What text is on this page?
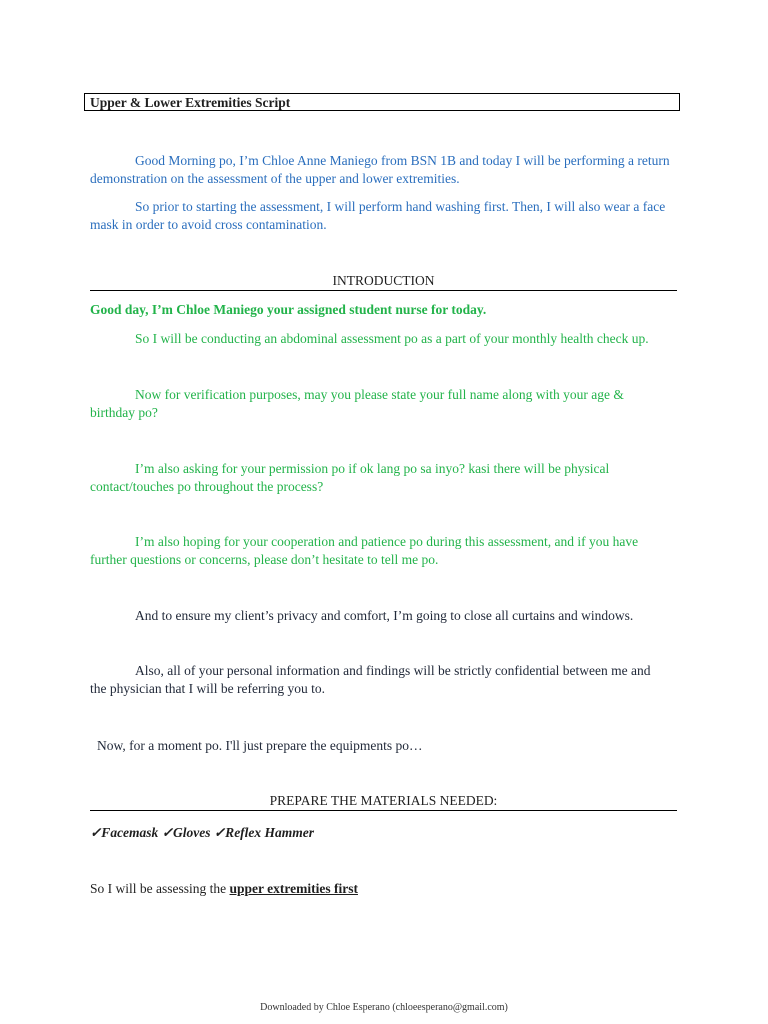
Upper & Lower Extremities Script

Good Morning po, I’m Chloe Anne Maniego from BSN 1B and today I will be performing a return demonstration on the assessment of the upper and lower extremities.

So prior to starting the assessment, I will perform hand washing first. Then, I will also wear a face mask in order to avoid cross contamination.

INTRODUCTION

Good day, I’m Chloe Maniego your assigned student nurse for today.

So I will be conducting an abdominal assessment po as a part of your monthly health check up.

Now for verification purposes, may you please state your full name along with your age & birthday po?

I’m also asking for your permission po if ok lang po sa inyo? kasi there will be physical contact/touches po throughout the process?

I’m also hoping for your cooperation and patience po during this assessment, and if you have further questions or concerns, please don’t hesitate to tell me po.

And to ensure my client’s privacy and comfort, I’m going to close all curtains and windows.

Also, all of your personal information and findings will be strictly confidential between me and the physician that I will be referring you to.

Now, for a moment po. I'll just prepare the equipments po…

PREPARE THE MATERIALS NEEDED:
✓Facemask ✓Gloves ✓Reflex Hammer

So I will be assessing the upper extremities first

Downloaded by Chloe Esperano (chloeesperano@gmail.com)
